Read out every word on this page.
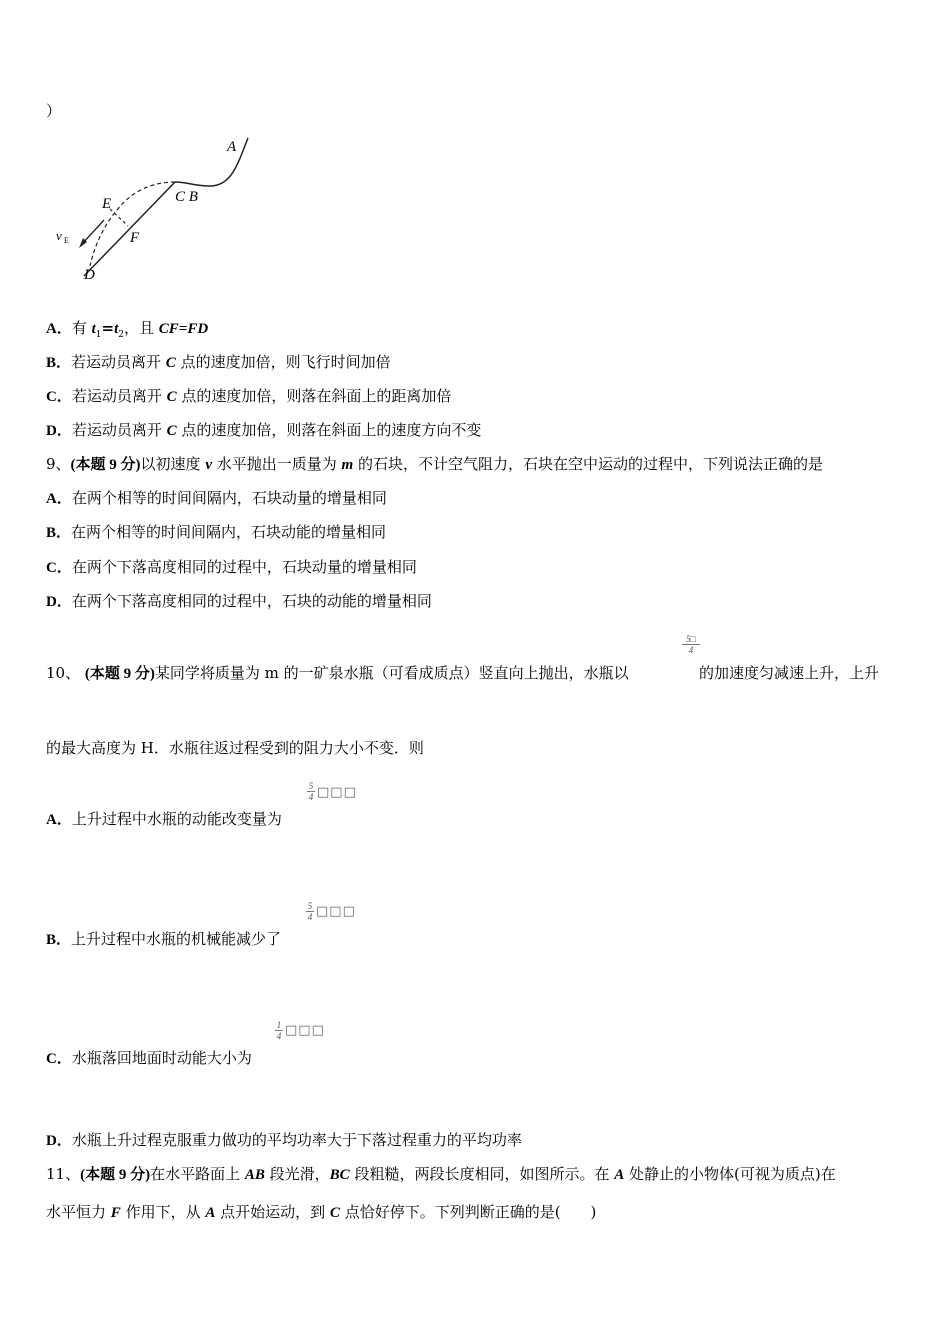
）
A
C B
E
F
D
v E
A．有 $t_1=t_2$，且 CF=FD
B．若运动员离开 C 点的速度加倍，则飞行时间加倍
C．若运动员离开 C 点的速度加倍，则落在斜面上的距离加倍
D．若运动员离开 C 点的速度加倍，则落在斜面上的速度方向不变
9、(本题 9 分)以初速度 v 水平抛出一质量为 m 的石块，不计空气阻力，石块在空中运动的过程中，下列说法正确的是
A．在两个相等的时间间隔内，石块动量的增量相同
B．在两个相等的时间间隔内，石块动能的增量相同
C．在两个下落高度相同的过程中，石块动量的增量相同
D．在两个下落高度相同的过程中，石块的动能的增量相同
$\frac{5□}{4}$
10、 (本题 9 分)某同学将质量为 m 的一矿泉水瓶（可看成质点）竖直向上抛出，水瓶以	的加速度匀减速上升，上升
的最大高度为 H．水瓶往返过程受到的阻力大小不变．则
$\frac{5}{4}$ □□□
A．上升过程中水瓶的动能改变量为
$\frac{5}{4}$ □□□
B．上升过程中水瓶的机械能减少了
$\frac{1}{4}$ □□□
C．水瓶落回地面时动能大小为
D．水瓶上升过程克服重力做功的平均功率大于下落过程重力的平均功率
11、(本题 9 分)在水平路面上 AB 段光滑，BC 段粗糙，两段长度相同，如图所示。在 A 处静止的小物体(可视为质点)在
水平恒力 F 作用下，从 A 点开始运动，到 C 点恰好停下。下列判断正确的是(　　)
